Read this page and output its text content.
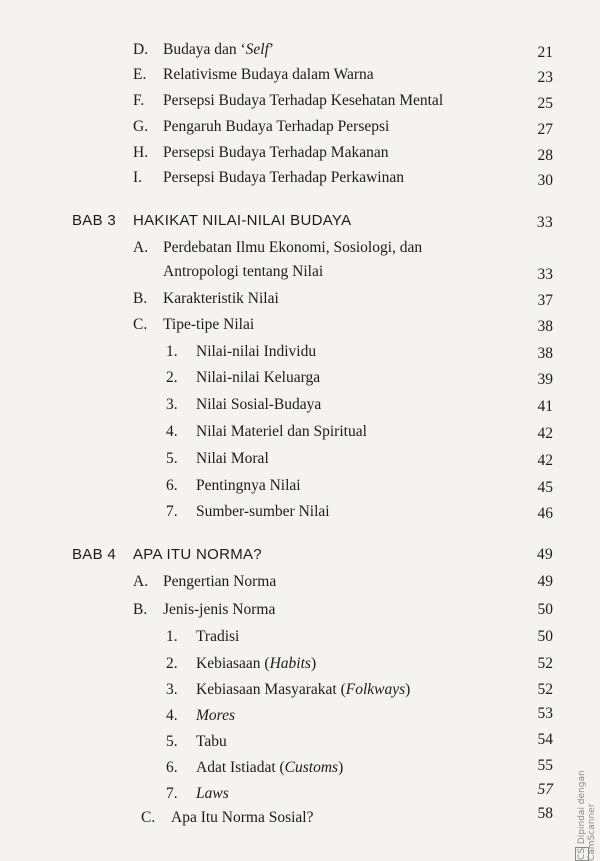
D. Budaya dan ‘Self’	21
E. Relativisme Budaya dalam Warna	23
F. Persepsi Budaya Terhadap Kesehatan Mental	25
G. Pengaruh Budaya Terhadap Persepsi	27
H. Persepsi Budaya Terhadap Makanan	28
I. Persepsi Budaya Terhadap Perkawinan	30
BAB 3 HAKIKAT NILAI-NILAI BUDAYA	33
A. Perdebatan Ilmu Ekonomi, Sosiologi, dan
Antropologi tentang Nilai	33
B. Karakteristik Nilai	37
C. Tipe-tipe Nilai	38
1. Nilai-nilai Individu	38
2. Nilai-nilai Keluarga	39
3. Nilai Sosial-Budaya	41
4. Nilai Materiel dan Spiritual	42
5. Nilai Moral	42
6. Pentingnya Nilai	45
7. Sumber-sumber Nilai	46
BAB 4 APA ITU NORMA?	49
A. Pengertian Norma	49
B. Jenis-jenis Norma	50
1. Tradisi	50
2. Kebiasaan (Habits)	52
3. Kebiasaan Masyarakat (Folkways)	52
4. Mores	53
5. Tabu	54
6. Adat Istiadat (Customs)	55
7. Laws	57
C. Apa Itu Norma Sosial?	58
CS Dipindai dengan CamScanner
